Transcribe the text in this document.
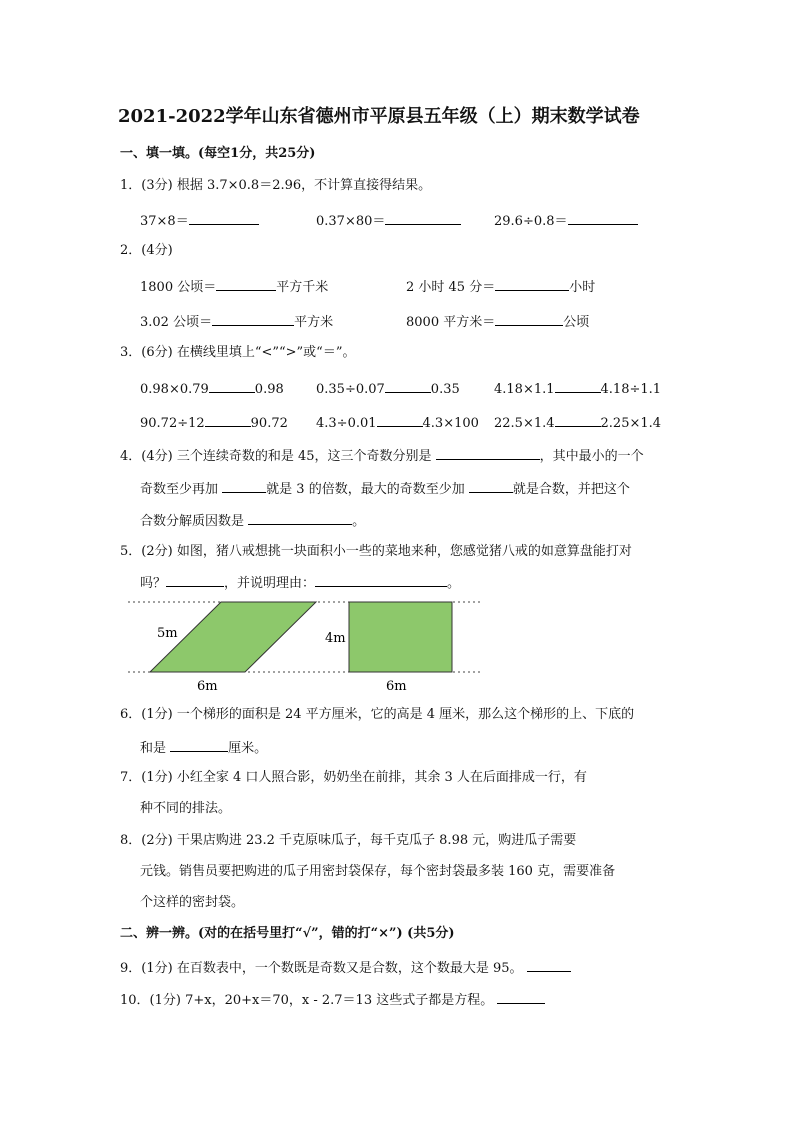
2021-2022学年山东省德州市平原县五年级（上）期末数学试卷
一、填一填。(每空1分，共25分)
1．(3分) 根据 3.7×0.8＝2.96，不计算直接得结果。
37×8＝	0.37×80＝	29.6÷0.8＝
2．(4分)
1800 公顷＝	平方千米	2 小时 45 分＝	小时
3.02 公顷＝	平方米	8000 平方米＝	公顷
3．(6分) 在横线里填上“<”“>”或“＝”。
0.98×0.79	0.98 0.35÷0.07	0.35	4.18×1.1	4.18÷1.1
90.72÷12	90.72 4.3÷0.01	4.3×100 22.5×1.4	2.25×1.4
4．(4分) 三个连续奇数的和是 45，这三个奇数分别是	，其中最小的一个
奇数至少再加	就是 3 的倍数，最大的奇数至少加	就是合数，并把这个
合数分解质因数是	。
5．(2分) 如图，猪八戒想挑一块面积小一些的菜地来种，您感觉猪八戒的如意算盘能打对
吗？	，并说明理由：	。
5m
6m
4m
6m
6．(1分) 一个梯形的面积是 24 平方厘米，它的高是 4 厘米，那么这个梯形的上、下底的
和是	厘米。
7．(1分) 小红全家 4 口人照合影，奶奶坐在前排，其余 3 人在后面排成一行，有
种不同的排法。
8．(2分) 干果店购进 23.2 千克原味瓜子，每千克瓜子 8.98 元，购进瓜子需要
元钱。销售员要把购进的瓜子用密封袋保存，每个密封袋最多装 160 克，需要准备
个这样的密封袋。
二、辨一辨。(对的在括号里打“√”，错的打“×”) (共5分)
9．(1分) 在百数表中，一个数既是奇数又是合数，这个数最大是 95。
10．(1分) 7+x，20+x＝70，x - 2.7＝13 这些式子都是方程。
